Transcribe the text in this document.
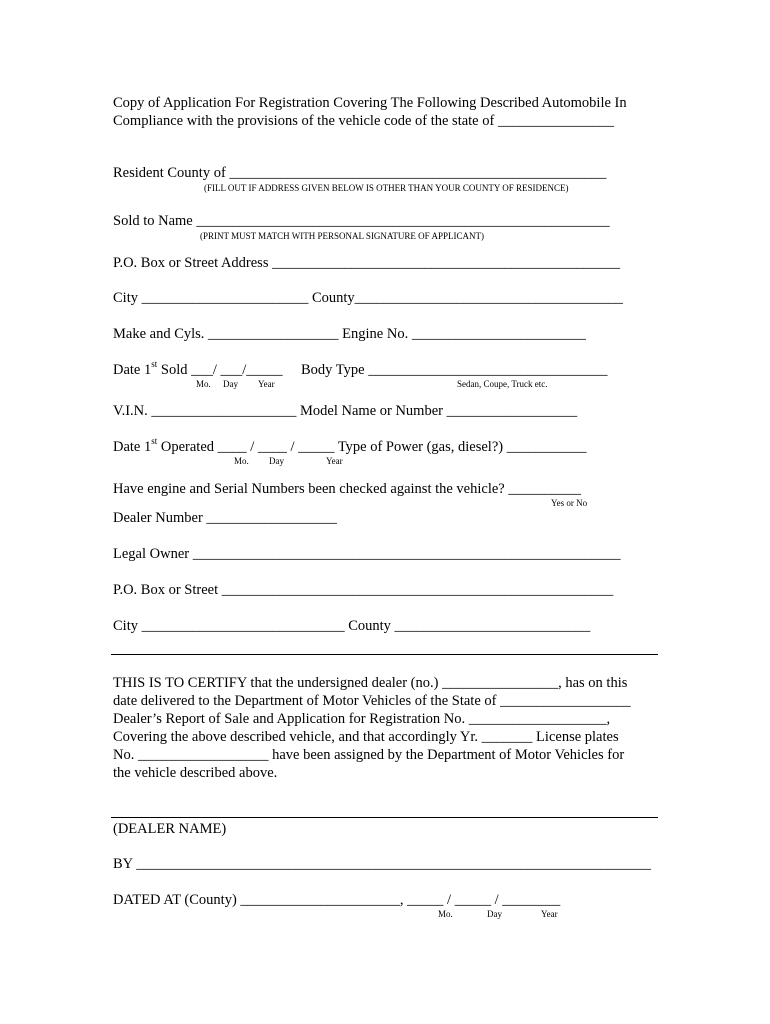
Copy of Application For Registration Covering The Following Described Automobile In
Compliance with the provisions of the vehicle code of the state of ________________
Resident County of ____________________________________________________
(FILL OUT IF ADDRESS GIVEN BELOW IS OTHER THAN YOUR COUNTY OF RESIDENCE)
Sold to Name _________________________________________________________
(PRINT MUST MATCH WITH PERSONAL SIGNATURE OF APPLICANT)
P.O. Box or Street Address ________________________________________________
City _______________________ County_____________________________________
Make and Cyls. __________________ Engine No. ________________________
Date 1st Sold ___/ ___/_____ Body Type _________________________________
Mo. Day Year	Sedan, Coupe, Truck etc.
V.I.N. ____________________ Model Name or Number __________________
Date 1st Operated ____ / ____ / _____ Type of Power (gas, diesel?) ___________
Mo. Day	Year
Have engine and Serial Numbers been checked against the vehicle? __________
Yes or No
Dealer Number __________________
Legal Owner ___________________________________________________________
P.O. Box or Street ______________________________________________________
City ____________________________ County ___________________________
THIS IS TO CERTIFY that the undersigned dealer (no.) ________________, has on this
date delivered to the Department of Motor Vehicles of the State of __________________
Dealer’s Report of Sale and Application for Registration No. ___________________,
Covering the above described vehicle, and that accordingly Yr. _______ License plates
No. __________________ have been assigned by the Department of Motor Vehicles for
the vehicle described above.
(DEALER NAME)
BY _______________________________________________________________________
DATED AT (County) ______________________, _____ / _____ / ________
Mo.	Day	Year
